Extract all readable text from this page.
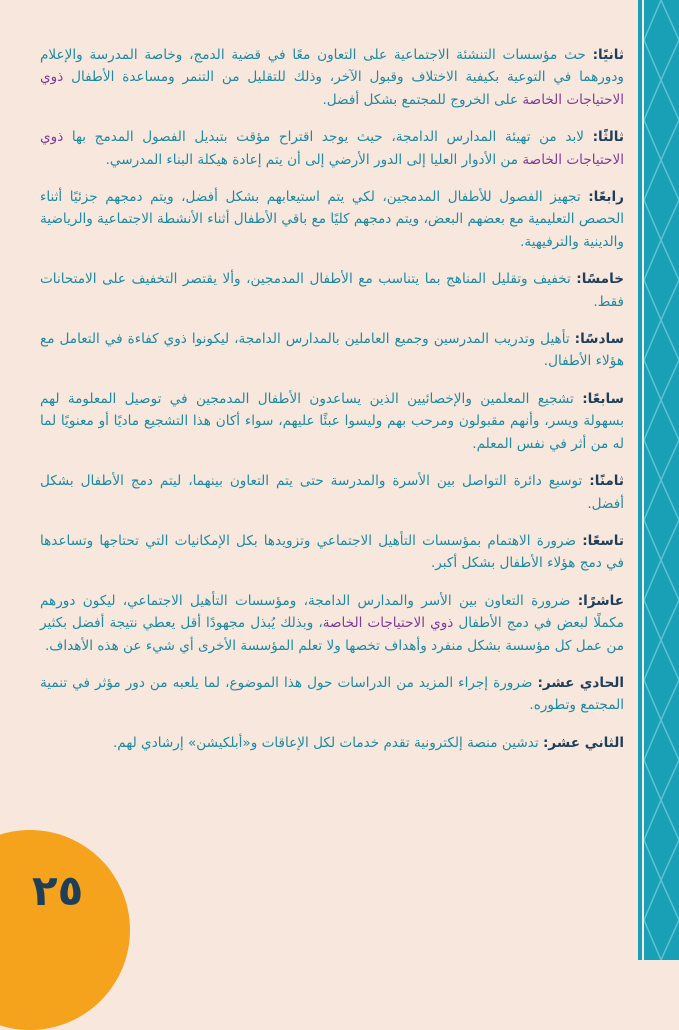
ثانيًا: حث مؤسسات التنشئة الاجتماعية على التعاون معًا في قضية الدمج، وخاصة المدرسة والإعلام ودورهما في التوعية بكيفية الاختلاف وقبول الآخر، وذلك للتقليل من التنمر ومساعدة الأطفال ذوي الاحتياجات الخاصة على الخروج للمجتمع بشكل أفضل.

ثالثًا: لابد من تهيئة المدارس الدامجة، حيث يوجد اقتراح مؤقت بتبديل الفصول المدمج بها ذوي الاحتياجات الخاصة من الأدوار العليا إلى الدور الأرضي إلى أن يتم إعادة هيكلة البناء المدرسي.

رابعًا: تجهيز الفصول للأطفال المدمجين، لكي يتم استيعابهم بشكل أفضل، ويتم دمجهم جزئيًا أثناء الحصص التعليمية مع بعضهم البعض، ويتم دمجهم كليًا مع باقي الأطفال أثناء الأنشطة الاجتماعية والرياضية والدينية والترفيهية.

خامسًا: تخفيف وتقليل المناهج بما يتناسب مع الأطفال المدمجين، وألا يقتصر التخفيف على الامتحانات فقط.

سادسًا: تأهيل وتدريب المدرسين وجميع العاملين بالمدارس الدامجة، ليكونوا ذوي كفاءة في التعامل مع هؤلاء الأطفال.

سابعًا: تشجيع المعلمين والإخصائيين الذين يساعدون الأطفال المدمجين في توصيل المعلومة لهم بسهولة ويسر، وأنهم مقبولون ومرحب بهم وليسوا عبئًا عليهم، سواء أكان هذا التشجيع ماديًا أو معنويًا لما له من أثر في نفس المعلم.

ثامنًا: توسيع دائرة التواصل بين الأسرة والمدرسة حتى يتم التعاون بينهما، ليتم دمج الأطفال بشكل أفضل.

تاسعًا: ضرورة الاهتمام بمؤسسات التأهيل الاجتماعي وتزويدها بكل الإمكانيات التي تحتاجها وتساعدها في دمج هؤلاء الأطفال بشكل أكبر.

عاشرًا: ضرورة التعاون بين الأسر والمدارس الدامجة، ومؤسسات التأهيل الاجتماعي، ليكون دورهم مكملًا لبعض في دمج الأطفال ذوي الاحتياجات الخاصة، وبذلك يُبذل مجهودًا أقل يعطي نتيجة أفضل بكثير من عمل كل مؤسسة بشكل منفرد وأهداف تخصها ولا تعلم المؤسسة الأخرى أي شيء عن هذه الأهداف.

الحادي عشر: ضرورة إجراء المزيد من الدراسات حول هذا الموضوع، لما يلعبه من دور مؤثر في تنمية المجتمع وتطوره.

الثاني عشر: تدشين منصة إلكترونية تقدم خدمات لكل الإعاقات و«أبلكيشن» إرشادي لهم.

٢٥
